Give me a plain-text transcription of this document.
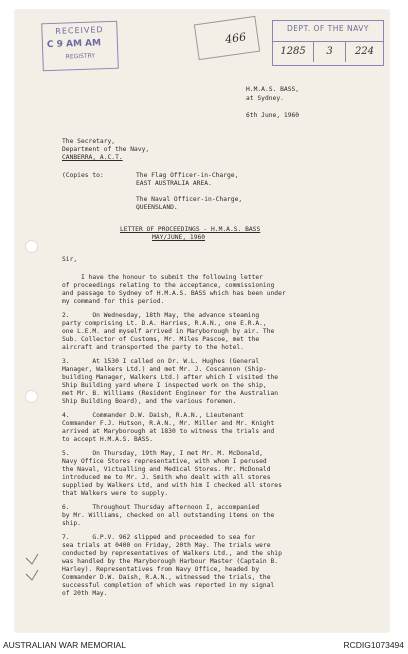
RECEIVED
C 9 AM AM
REGISTRY
466
DEPT. OF THE NAVY
1285	3	224

H.M.A.S. BASS,

at Sydney.

6th June, 1960

The Secretary,

Department of the Navy,

CANBERRA, A.C.T.

(Copies to:	The Flag Officer-in-Charge,

EAST AUSTRALIA AREA.

The Naval Officer-in-Charge,

QUEENSLAND.

LETTER OF PROCEEDINGS - H.M.A.S. BASS

MAY/JUNE, 1960

Sir,

I have the honour to submit the following letter
of proceedings relating to the acceptance, commissioning
and passage to Sydney of H.M.A.S. BASS which has been under
my command for this period.

2.      On Wednesday, 18th May, the advance steaming
party comprising Lt. D.A. Harries, R.A.N., one E.R.A.,
one L.E.M. and myself arrived in Maryborough by air. The
Sub. Collector of Customs, Mr. Miles Pascoe, met the
aircraft and transported the party to the hotel.

3.      At 1530 I called on Dr. W.L. Hughes (General
Manager, Walkers Ltd.) and met Mr. J. Coscannon (Ship-
building Manager, Walkers Ltd.) after which I visited the
Ship Building yard where I inspected work on the ship,
met Mr. B. Williams (Resident Engineer for the Australian
Ship Building Board), and the various foremen.

4.      Commander D.W. Daish, R.A.N., Lieutenant
Commander F.J. Hutson, R.A.N., Mr. Miller and Mr. Knight
arrived at Maryborough at 1830 to witness the trials and
to accept H.M.A.S. BASS.

5.      On Thursday, 19th May, I met Mr. M. McDonald,
Navy Office Stores representative, with whom I perused
the Naval, Victualling and Medical Stores. Mr. McDonald
introduced me to Mr. J. Smith who dealt with all stores
supplied by Walkers Ltd, and with him I checked all stores
that Walkers were to supply.

6.      Throughout Thursday afternoon I, accompanied
by Mr. Williams, checked on all outstanding items on the
ship.

7.      G.P.V. 962 slipped and proceeded to sea for
sea trials at 0400 on Friday, 20th May. The trials were
conducted by representatives of Walkers Ltd., and the ship
was handled by the Maryborough Harbour Master (Captain B.
Harley). Representatives from Navy Office, headed by
Commander D.W. Daish, R.A.N., witnessed the trials, the
successful completion of which was reported in my signal
of 20th May.

AUSTRALIAN WAR MEMORIAL	RCDIG1073494
